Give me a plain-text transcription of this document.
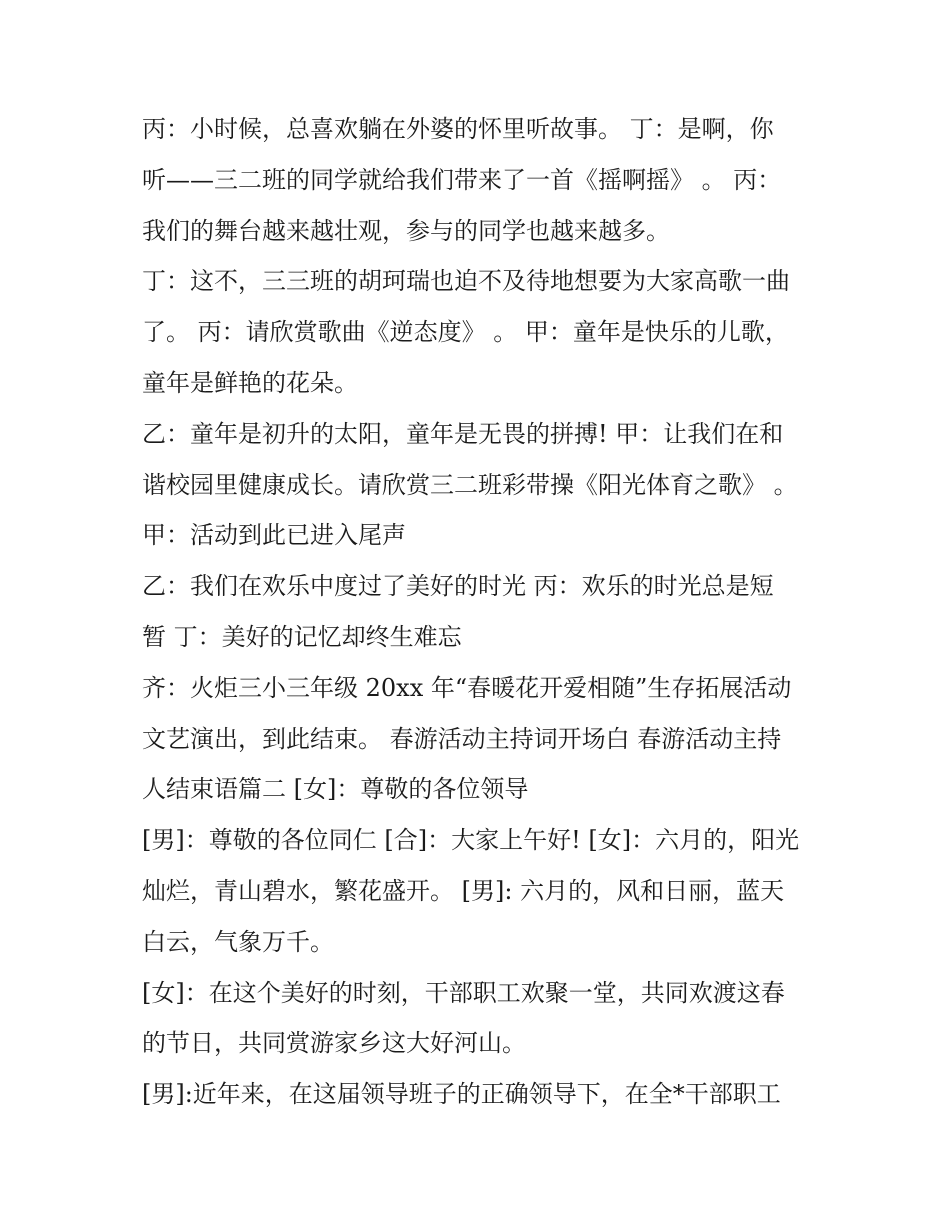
丙：小时候，总喜欢躺在外婆的怀里听故事。 丁：是啊，你
听——三二班的同学就给我们带来了一首《摇啊摇》 。 丙：
我们的舞台越来越壮观，参与的同学也越来越多。
丁：这不，三三班的胡珂瑞也迫不及待地想要为大家高歌一曲
了。 丙：请欣赏歌曲《逆态度》 。 甲：童年是快乐的儿歌，
童年是鲜艳的花朵。
乙：童年是初升的太阳，童年是无畏的拼搏! 甲：让我们在和
谐校园里健康成长。请欣赏三二班彩带操《阳光体育之歌》 。
甲：活动到此已进入尾声
乙：我们在欢乐中度过了美好的时光 丙：欢乐的时光总是短
暂 丁：美好的记忆却终生难忘
齐：火炬三小三年级 20xx 年“春暖花开爱相随”生存拓展活动
文艺演出，到此结束。 春游活动主持词开场白 春游活动主持
人结束语篇二 [女]：尊敬的各位领导
[男]：尊敬的各位同仁 [合]：大家上午好! [女]：六月的，阳光
灿烂，青山碧水，繁花盛开。 [男]: 六月的，风和日丽，蓝天
白云，气象万千。
[女]：在这个美好的时刻，干部职工欢聚一堂，共同欢渡这春
的节日，共同赏游家乡这大好河山。
[男]:近年来，在这届领导班子的正确领导下，在全*干部职工
